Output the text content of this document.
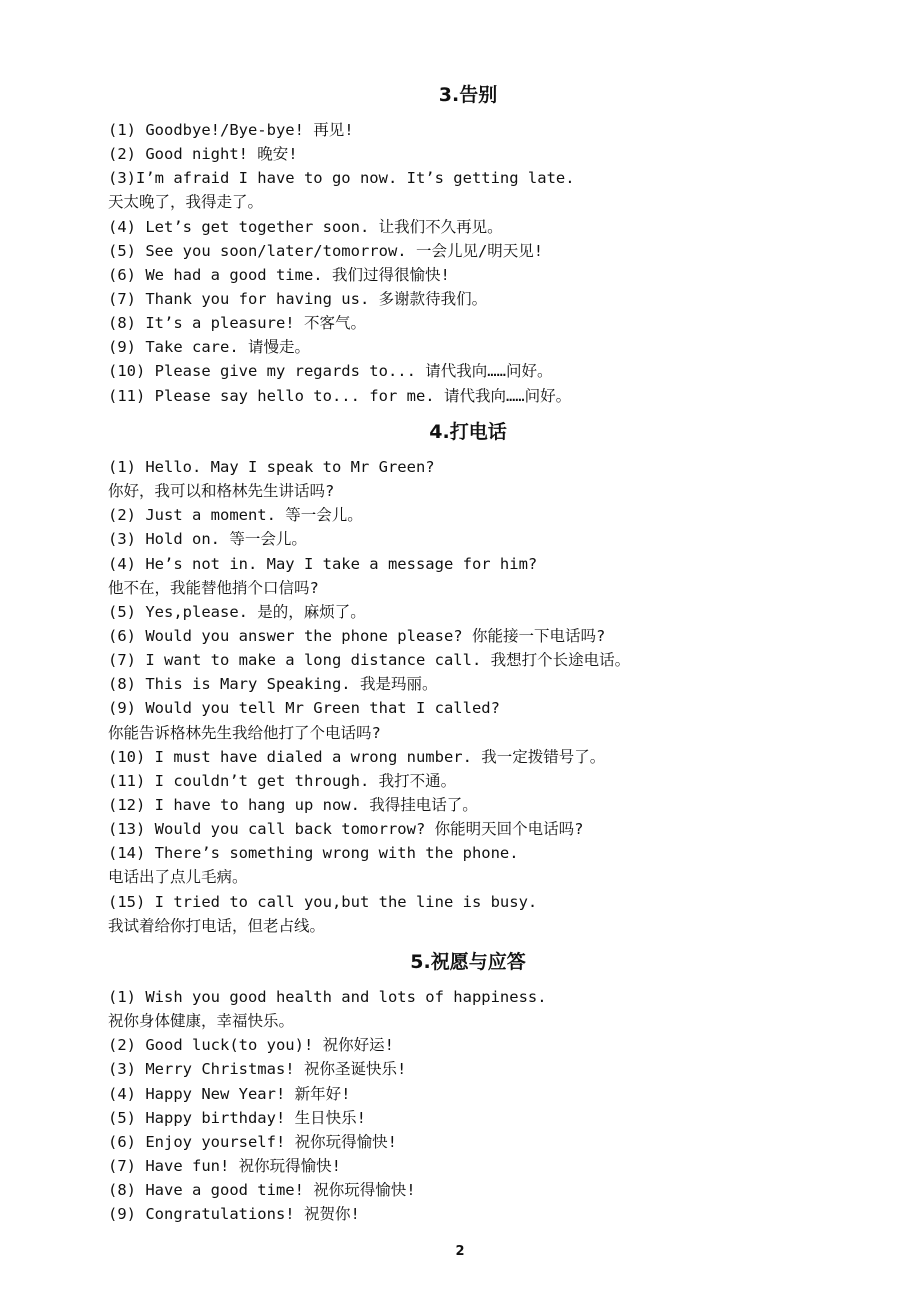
3.告别
(1) Goodbye!/Bye-bye! 再见!
(2) Good night! 晚安!
(3)I’m afraid I have to go now. It’s getting late.
天太晚了，我得走了。
(4) Let’s get together soon. 让我们不久再见。
(5) See you soon/later/tomorrow. 一会儿见/明天见!
(6) We had a good time. 我们过得很愉快!
(7) Thank you for having us. 多谢款待我们。
(8) It’s a pleasure! 不客气。
(9) Take care. 请慢走。
(10) Please give my regards to... 请代我向……问好。
(11) Please say hello to... for me. 请代我向……问好。
4.打电话
(1) Hello. May I speak to Mr Green?
你好，我可以和格林先生讲话吗?
(2) Just a moment. 等一会儿。
(3) Hold on. 等一会儿。
(4) He’s not in. May I take a message for him?
他不在，我能替他捎个口信吗?
(5) Yes,please. 是的，麻烦了。
(6) Would you answer the phone please? 你能接一下电话吗?
(7) I want to make a long distance call. 我想打个长途电话。
(8) This is Mary Speaking. 我是玛丽。
(9) Would you tell Mr Green that I called?
你能告诉格林先生我给他打了个电话吗?
(10) I must have dialed a wrong number. 我一定拨错号了。
(11) I couldn’t get through. 我打不通。
(12) I have to hang up now. 我得挂电话了。
(13) Would you call back tomorrow? 你能明天回个电话吗?
(14) There’s something wrong with the phone.
电话出了点儿毛病。
(15) I tried to call you,but the line is busy.
我试着给你打电话，但老占线。
5.祝愿与应答
(1) Wish you good health and lots of happiness.
祝你身体健康，幸福快乐。
(2) Good luck(to you)! 祝你好运!
(3) Merry Christmas! 祝你圣诞快乐!
(4) Happy New Year! 新年好!
(5) Happy birthday! 生日快乐!
(6) Enjoy yourself! 祝你玩得愉快!
(7) Have fun! 祝你玩得愉快!
(8) Have a good time! 祝你玩得愉快!
(9) Congratulations! 祝贺你!
2
